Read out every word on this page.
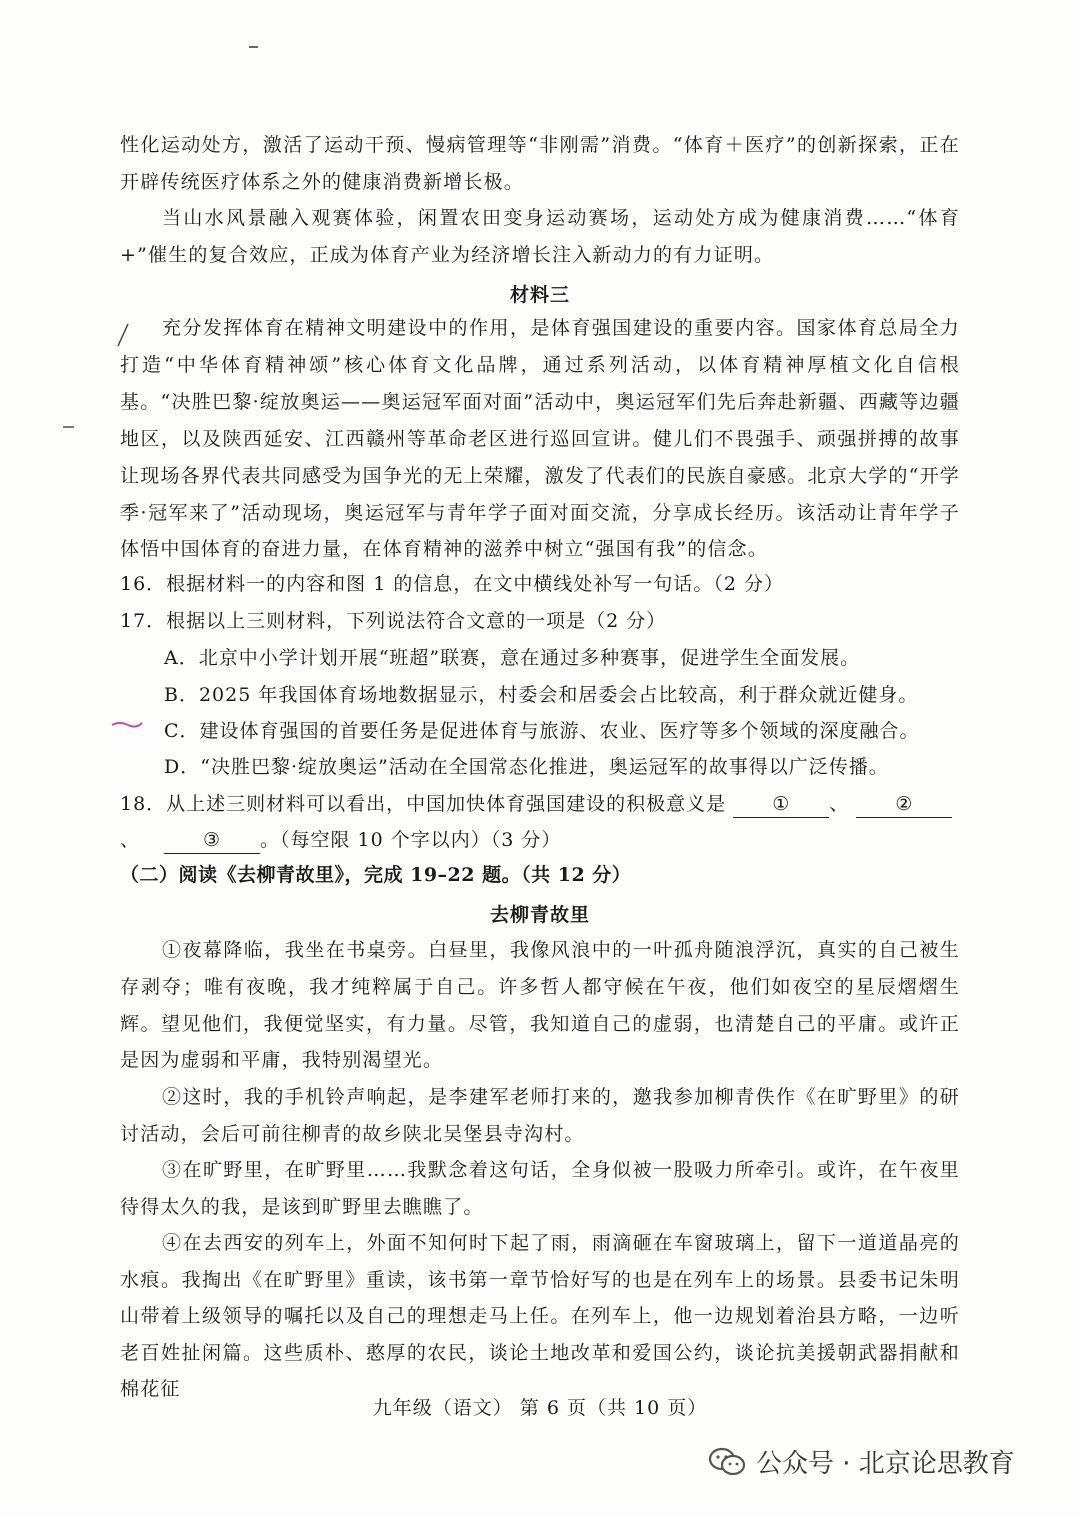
性化运动处方，激活了运动干预、慢病管理等“非刚需”消费。“体育＋医疗”的创新探索，正在开辟传统医疗体系之外的健康消费新增长极。

当山水风景融入观赛体验，闲置农田变身运动赛场，运动处方成为健康消费……“体育+”催生的复合效应，正成为体育产业为经济增长注入新动力的有力证明。

材料三

充分发挥体育在精神文明建设中的作用，是体育强国建设的重要内容。国家体育总局全力打造“中华体育精神颂”核心体育文化品牌，通过系列活动，以体育精神厚植文化自信根基。“决胜巴黎·绽放奥运——奥运冠军面对面”活动中，奥运冠军们先后奔赴新疆、西藏等边疆地区，以及陕西延安、江西赣州等革命老区进行巡回宣讲。健儿们不畏强手、顽强拼搏的故事让现场各界代表共同感受为国争光的无上荣耀，激发了代表们的民族自豪感。北京大学的“开学季·冠军来了”活动现场，奥运冠军与青年学子面对面交流，分享成长经历。该活动让青年学子体悟中国体育的奋进力量，在体育精神的滋养中树立“强国有我”的信念。

16．根据材料一的内容和图 1 的信息，在文中横线处补写一句话。（2 分）

17．根据以上三则材料，下列说法符合文意的一项是（2 分）

A．北京中小学计划开展“班超”联赛，意在通过多种赛事，促进学生全面发展。

B．2025 年我国体育场地数据显示，村委会和居委会占比较高，利于群众就近健身。

C．建设体育强国的首要任务是促进体育与旅游、农业、医疗等多个领域的深度融合。

D．“决胜巴黎·绽放奥运”活动在全国常态化推进，奥运冠军的故事得以广泛传播。

18．从上述三则材料可以看出，中国加快体育强国建设的积极意义是 ① 、 ②、	③ 。（每空限 10 个字以内）（3 分）

（二）阅读《去柳青故里》，完成 19–22 题。（共 12 分）

去柳青故里

①夜幕降临，我坐在书桌旁。白昼里，我像风浪中的一叶孤舟随浪浮沉，真实的自己被生存剥夺；唯有夜晚，我才纯粹属于自己。许多哲人都守候在午夜，他们如夜空的星辰熠熠生辉。望见他们，我便觉坚实，有力量。尽管，我知道自己的虚弱，也清楚自己的平庸。或许正是因为虚弱和平庸，我特别渴望光。

②这时，我的手机铃声响起，是李建军老师打来的，邀我参加柳青佚作《在旷野里》的研讨活动，会后可前往柳青的故乡陕北吴堡县寺沟村。

③在旷野里，在旷野里……我默念着这句话，全身似被一股吸力所牵引。或许，在午夜里待得太久的我，是该到旷野里去瞧瞧了。

④在去西安的列车上，外面不知何时下起了雨，雨滴砸在车窗玻璃上，留下一道道晶亮的水痕。我掏出《在旷野里》重读，该书第一章节恰好写的也是在列车上的场景。县委书记朱明山带着上级领导的嘱托以及自己的理想走马上任。在列车上，他一边规划着治县方略，一边听老百姓扯闲篇。这些质朴、憨厚的农民，谈论土地改革和爱国公约，谈论抗美援朝武器捐献和棉花征

九年级（语文） 第 6 页（共 10 页）
公众号 · 北京论思教育
